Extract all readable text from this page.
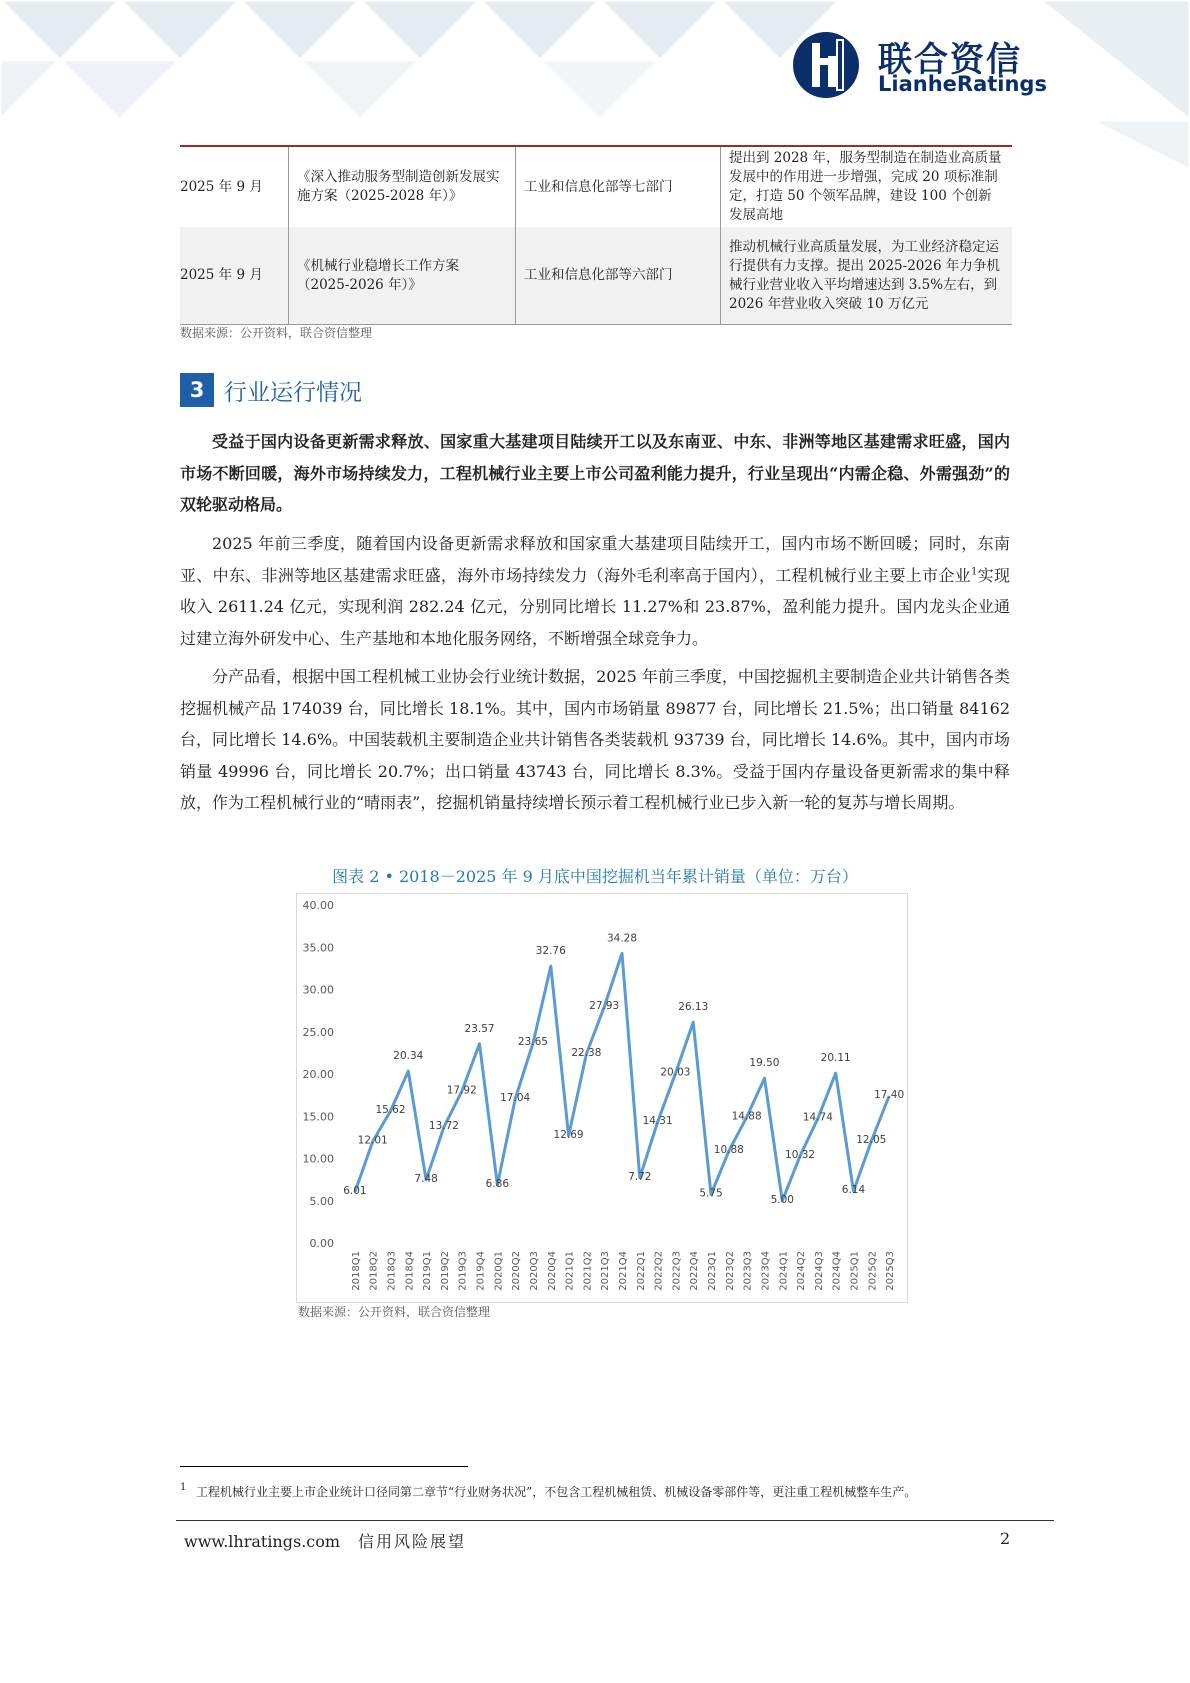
联合资信
LianheRatings
2025 年 9 月	《深入推动服务型制造创新发展实施方案（2025-2028 年）》	工业和信息化部等七部门	提出到 2028 年，服务型制造在制造业高质量发展中的作用进一步增强，完成 20 项标准制定，打造 50 个领军品牌，建设 100 个创新发展高地
2025 年 9 月	《机械行业稳增长工作方案（2025-2026 年）》	工业和信息化部等六部门	推动机械行业高质量发展，为工业经济稳定运行提供有力支撑。提出 2025-2026 年力争机械行业营业收入平均增速达到 3.5%左右，到 2026 年营业收入突破 10 万亿元
数据来源：公开资料，联合资信整理
3 行业运行情况

受益于国内设备更新需求释放、国家重大基建项目陆续开工以及东南亚、中东、非洲等地区基建需求旺盛，国内市场不断回暖，海外市场持续发力，工程机械行业主要上市公司盈利能力提升，行业呈现出“内需企稳、外需强劲”的双轮驱动格局。

2025 年前三季度，随着国内设备更新需求释放和国家重大基建项目陆续开工，国内市场不断回暖；同时，东南亚、中东、非洲等地区基建需求旺盛，海外市场持续发力（海外毛利率高于国内），工程机械行业主要上市企业$^1$实现收入 2611.24 亿元，实现利润 282.24 亿元，分别同比增长 11.27%和 23.87%，盈利能力提升。国内龙头企业通过建立海外研发中心、生产基地和本地化服务网络，不断增强全球竞争力。

分产品看，根据中国工程机械工业协会行业统计数据，2025 年前三季度，中国挖掘机主要制造企业共计销售各类挖掘机械产品 174039 台，同比增长 18.1%。其中，国内市场销量 89877 台，同比增长 21.5%；出口销量 84162 台，同比增长 14.6%。中国装载机主要制造企业共计销售各类装载机 93739 台，同比增长 14.6%。其中，国内市场销量 49996 台，同比增长 20.7%；出口销量 43743 台，同比增长 8.3%。受益于国内存量设备更新需求的集中释放，作为工程机械行业的“晴雨表”，挖掘机销量持续增长预示着工程机械行业已步入新一轮的复苏与增长周期。

图表 2 • 2018－2025 年 9 月底中国挖掘机当年累计销量（单位：万台）
0.00
5.00
10.00
15.00
20.00
25.00
30.00
35.00
40.00
2018Q1 2018Q2 2018Q3 2018Q4 2019Q1 2019Q2 2019Q3 2019Q4 2020Q1 2020Q2 2020Q3 2020Q4 2021Q1 2021Q2 2021Q3 2021Q4 2022Q1 2022Q2 2022Q3 2022Q4 2023Q1 2023Q2 2023Q3 2023Q4 2024Q1 2024Q2 2024Q3 2024Q4 2025Q1 2025Q2 2025Q3
6.01
12.01
15.62
20.34
7.48
13.72
17.92
23.57
6.86
17.04
23.65
32.76
12.69
22.38
27.93
34.28
7.72
14.31
20.03
26.13
5.75
10.88
14.88
19.50
5.00
10.32
14.74
20.11
6.14
12.05
17.40
数据来源：公开资料，联合资信整理
1 工程机械行业主要上市企业统计口径同第二章节“行业财务状况”，不包含工程机械租赁、机械设备零部件等，更注重工程机械整车生产。
www.lhratings.com 信用风险展望	2
